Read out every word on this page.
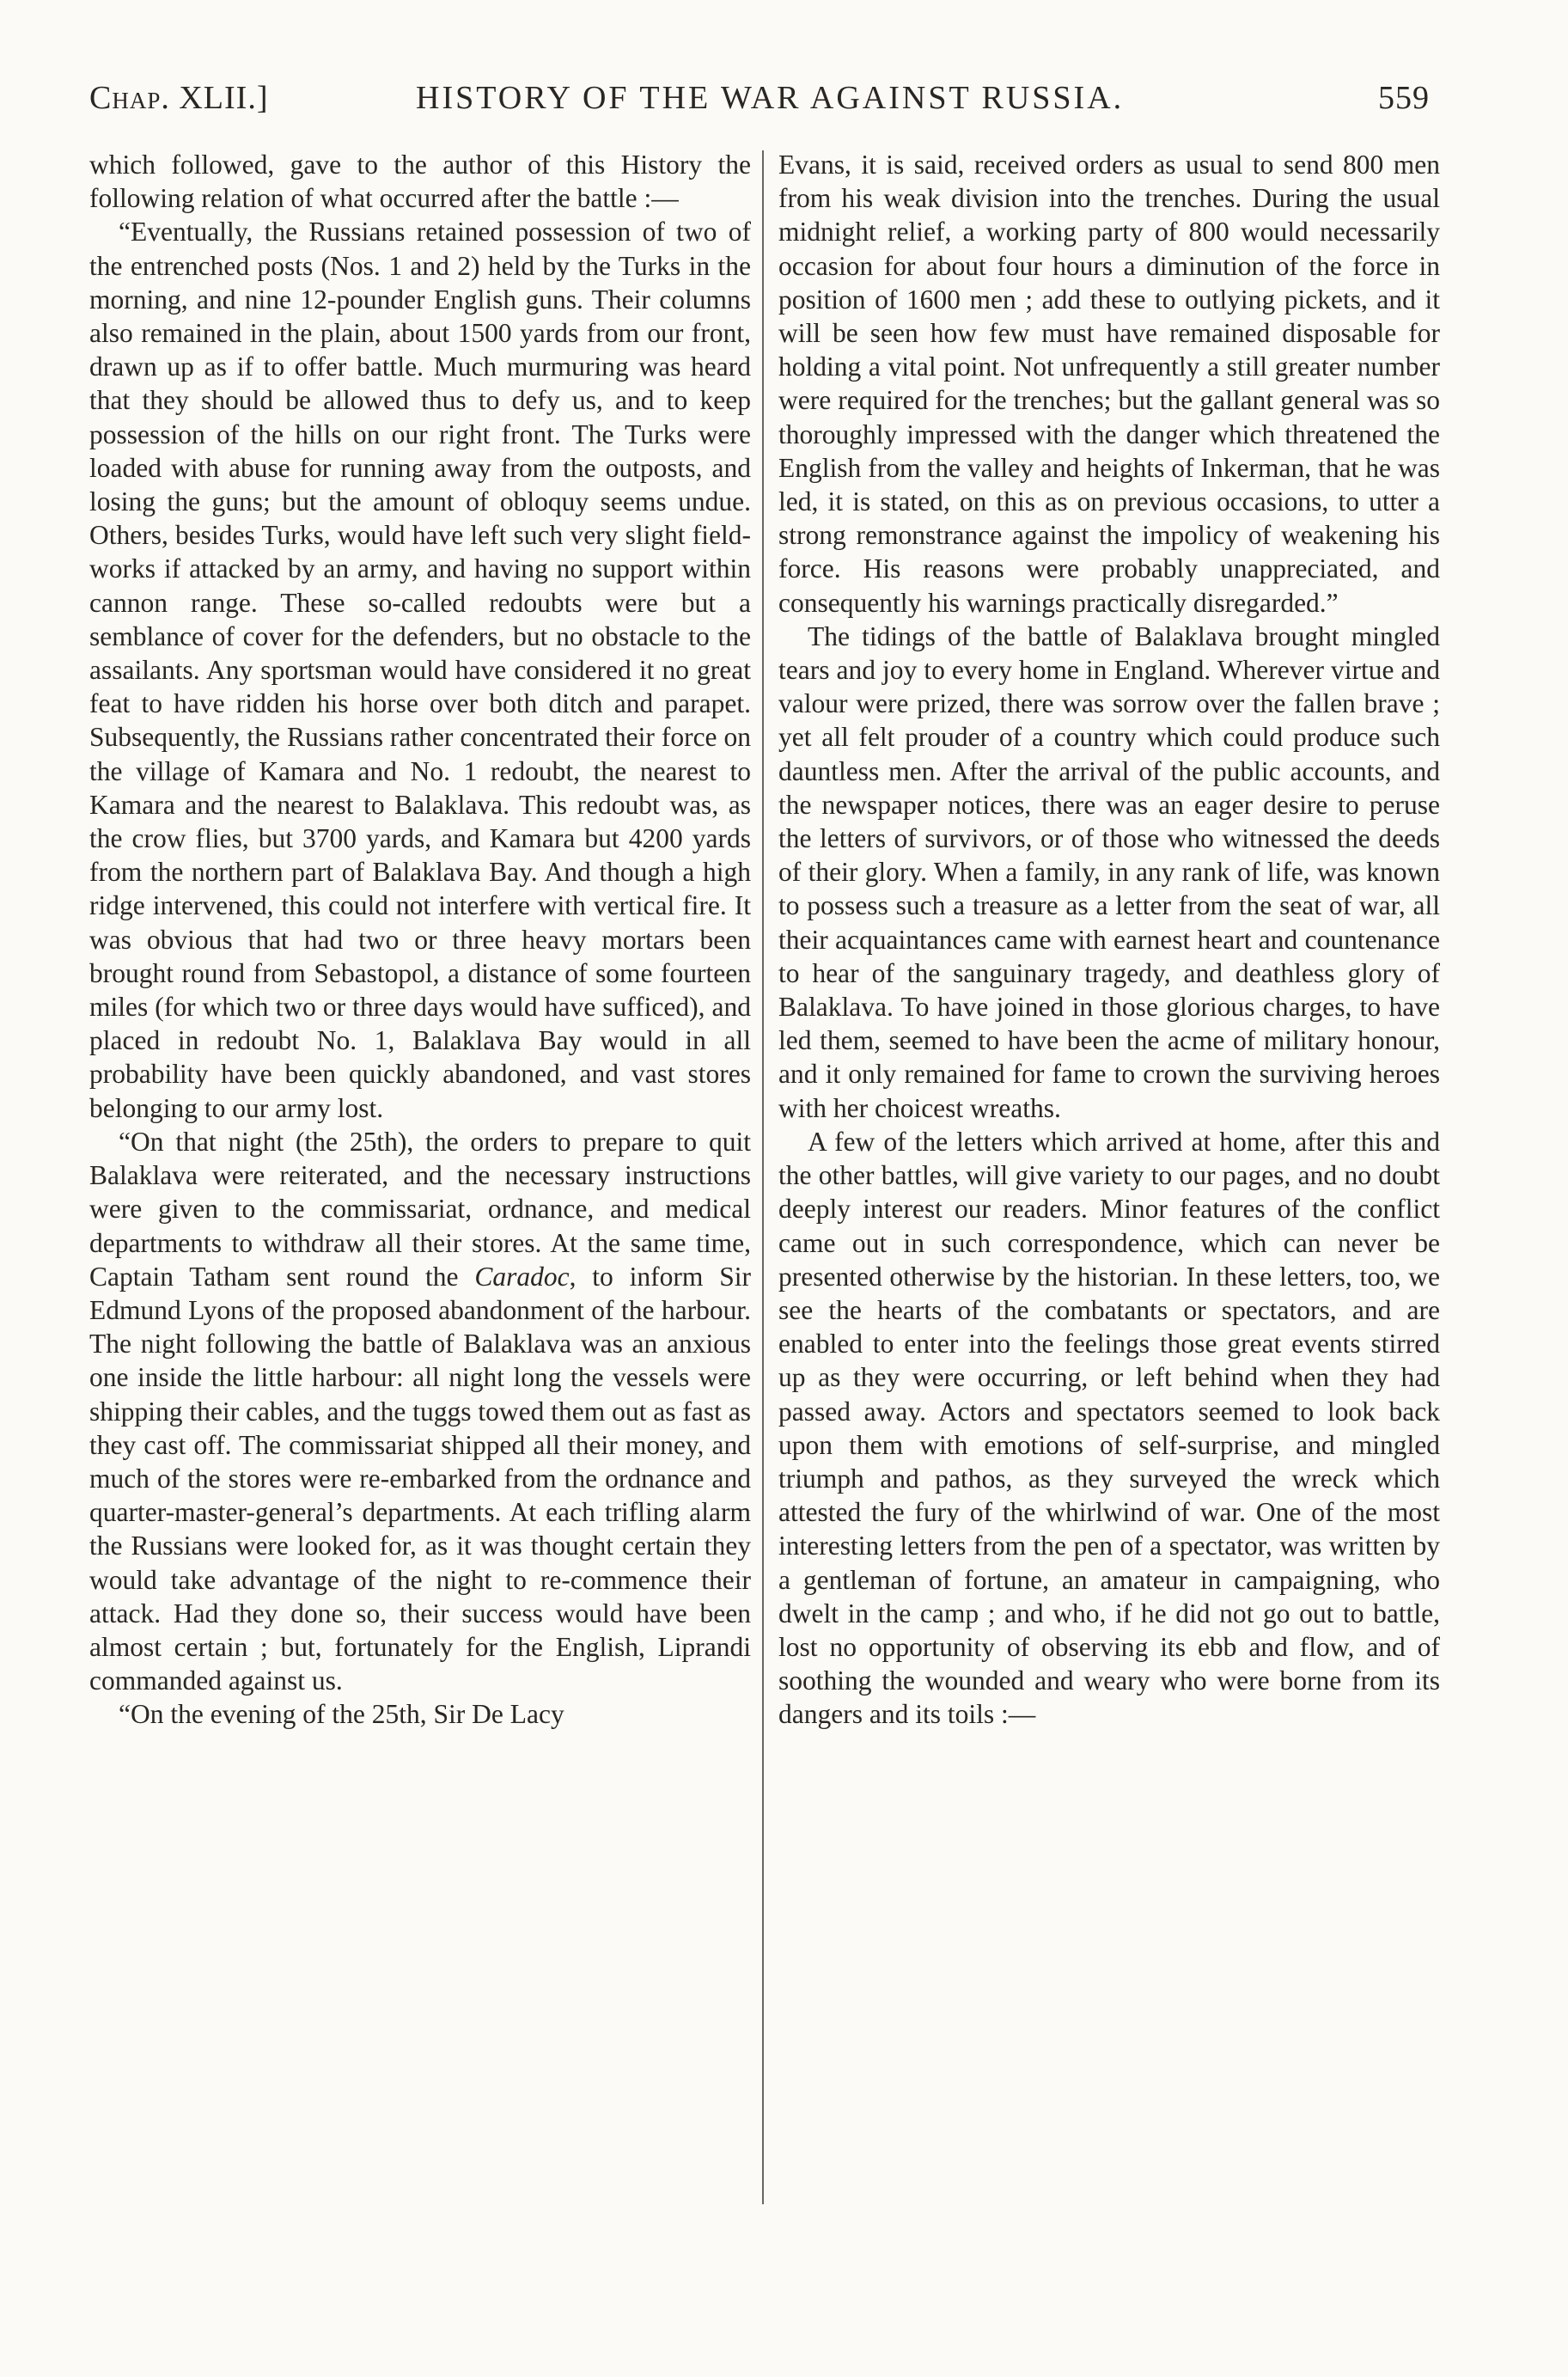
Chap. XLII.]	HISTORY OF THE WAR AGAINST RUSSIA.	559

which followed, gave to the author of this History the following relation of what occurred after the battle :—

“Eventually, the Russians retained possession of two of the entrenched posts (Nos. 1 and 2) held by the Turks in the morning, and nine 12-pounder English guns. Their columns also remained in the plain, about 1500 yards from our front, drawn up as if to offer battle. Much murmuring was heard that they should be allowed thus to defy us, and to keep possession of the hills on our right front. The Turks were loaded with abuse for running away from the outposts, and losing the guns; but the amount of obloquy seems undue. Others, besides Turks, would have left such very slight field-works if attacked by an army, and having no support within cannon range. These so-called redoubts were but a semblance of cover for the defenders, but no obstacle to the assailants. Any sportsman would have considered it no great feat to have ridden his horse over both ditch and parapet. Subsequently, the Russians rather concentrated their force on the village of Kamara and No. 1 redoubt, the nearest to Kamara and the nearest to Balaklava. This redoubt was, as the crow flies, but 3700 yards, and Kamara but 4200 yards from the northern part of Balaklava Bay. And though a high ridge intervened, this could not interfere with vertical fire. It was obvious that had two or three heavy mortars been brought round from Sebastopol, a distance of some fourteen miles (for which two or three days would have sufficed), and placed in redoubt No. 1, Balaklava Bay would in all probability have been quickly abandoned, and vast stores belonging to our army lost.

“On that night (the 25th), the orders to prepare to quit Balaklava were reiterated, and the necessary instructions were given to the commissariat, ordnance, and medical departments to withdraw all their stores. At the same time, Captain Tatham sent round the Caradoc, to inform Sir Edmund Lyons of the proposed abandonment of the harbour. The night following the battle of Balaklava was an anxious one inside the little harbour: all night long the vessels were shipping their cables, and the tuggs towed them out as fast as they cast off. The commissariat shipped all their money, and much of the stores were re-embarked from the ordnance and quarter-master-general’s departments. At each trifling alarm the Russians were looked for, as it was thought certain they would take advantage of the night to re-commence their attack. Had they done so, their success would have been almost certain ; but, fortunately for the English, Liprandi commanded against us.

“On the evening of the 25th, Sir De Lacy

Evans, it is said, received orders as usual to send 800 men from his weak division into the trenches. During the usual midnight relief, a working party of 800 would necessarily occasion for about four hours a diminution of the force in position of 1600 men ; add these to outlying pickets, and it will be seen how few must have remained disposable for holding a vital point. Not unfrequently a still greater number were required for the trenches; but the gallant general was so thoroughly impressed with the danger which threatened the English from the valley and heights of Inkerman, that he was led, it is stated, on this as on previous occasions, to utter a strong remonstrance against the impolicy of weakening his force. His reasons were probably unappreciated, and consequently his warnings practically disregarded.”

The tidings of the battle of Balaklava brought mingled tears and joy to every home in England. Wherever virtue and valour were prized, there was sorrow over the fallen brave ; yet all felt prouder of a country which could produce such dauntless men. After the arrival of the public accounts, and the newspaper notices, there was an eager desire to peruse the letters of survivors, or of those who witnessed the deeds of their glory. When a family, in any rank of life, was known to possess such a treasure as a letter from the seat of war, all their acquaintances came with earnest heart and countenance to hear of the sanguinary tragedy, and deathless glory of Balaklava. To have joined in those glorious charges, to have led them, seemed to have been the acme of military honour, and it only remained for fame to crown the surviving heroes with her choicest wreaths.

A few of the letters which arrived at home, after this and the other battles, will give variety to our pages, and no doubt deeply interest our readers. Minor features of the conflict came out in such correspondence, which can never be presented otherwise by the historian. In these letters, too, we see the hearts of the combatants or spectators, and are enabled to enter into the feelings those great events stirred up as they were occurring, or left behind when they had passed away. Actors and spectators seemed to look back upon them with emotions of self-surprise, and mingled triumph and pathos, as they surveyed the wreck which attested the fury of the whirlwind of war. One of the most interesting letters from the pen of a spectator, was written by a gentleman of fortune, an amateur in campaigning, who dwelt in the camp ; and who, if he did not go out to battle, lost no opportunity of observing its ebb and flow, and of soothing the wounded and weary who were borne from its dangers and its toils :—
